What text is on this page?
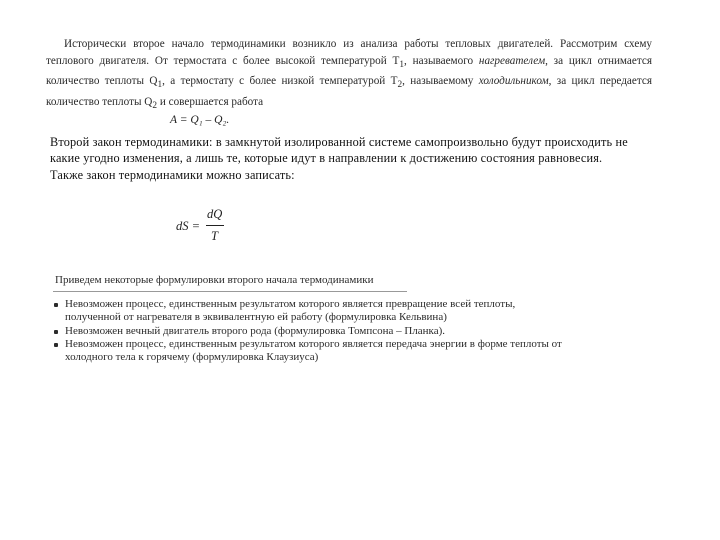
Исторически второе начало термодинамики возникло из анализа работы тепловых двигателей. Рассмотрим схему теплового двигателя. От термостата с более высокой температурой $T_1$, называемого нагревателем, за цикл отнимается количество теплоты $Q_1$, а термостату с более низкой температурой $T_2$, называемому холодильником, за цикл передается количество теплоты $Q_2$ и совершается работа
A = Q₁ – Q₂.
Второй закон термодинамики: в замкнутой изолированной системе самопроизвольно будут происходить не какие угодно изменения, а лишь те, которые идут в направлении к достижению состояния равновесия.
Также закон термодинамики можно записать:
dS =
dQ
T
Приведем некоторые формулировки второго начала термодинамики
Невозможен процесс, единственным результатом которого является превращение всей теплоты, полученной от нагревателя в эквивалентную ей работу (формулировка Кельвина)
Невозможен вечный двигатель второго рода (формулировка Томпсона – Планка).
Невозможен процесс, единственным результатом которого является передача энергии в форме теплоты от холодного тела к горячему (формулировка Клаузиуса)
